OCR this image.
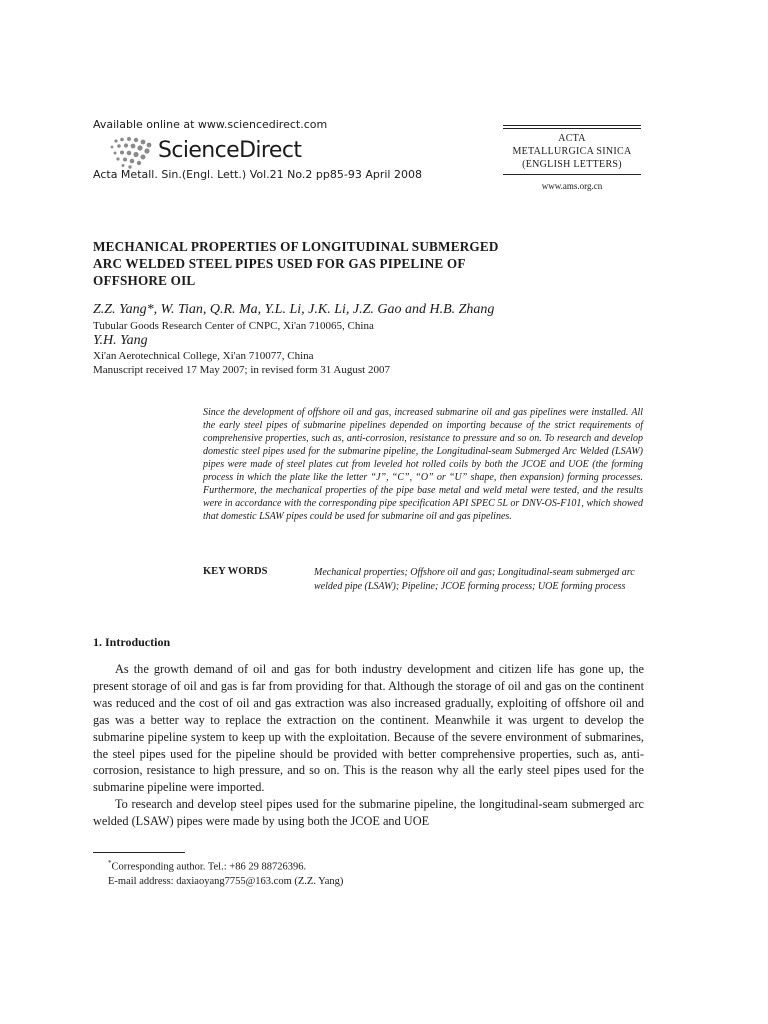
Available online at www.sciencedirect.com
ScienceDirect
Acta Metall. Sin.(Engl. Lett.) Vol.21 No.2 pp85-93 April 2008
ACTA
METALLURGICA SINICA
(ENGLISH LETTERS)
www.ams.org.cn
MECHANICAL PROPERTIES OF LONGITUDINAL SUBMERGED
ARC WELDED STEEL PIPES USED FOR GAS PIPELINE OF
OFFSHORE OIL
Z.Z. Yang*, W. Tian, Q.R. Ma, Y.L. Li, J.K. Li, J.Z. Gao and H.B. Zhang
Tubular Goods Research Center of CNPC, Xi'an 710065, China
Y.H. Yang
Xi'an Aerotechnical College, Xi'an 710077, China
Manuscript received 17 May 2007; in revised form 31 August 2007
Since the development of offshore oil and gas, increased submarine oil and gas pipelines were installed. All the early steel pipes of submarine pipelines depended on importing because of the strict requirements of comprehensive properties, such as, anti-corrosion, resistance to pressure and so on. To research and develop domestic steel pipes used for the submarine pipeline, the Longitudinal-seam Submerged Arc Welded (LSAW) pipes were made of steel plates cut from leveled hot rolled coils by both the JCOE and UOE (the forming process in which the plate like the letter “J”, “C”, “O” or “U” shape, then expansion) forming processes. Furthermore, the mechanical properties of the pipe base metal and weld metal were tested, and the results were in accordance with the corresponding pipe specification API SPEC 5L or DNV-OS-F101, which showed that domestic LSAW pipes could be used for submarine oil and gas pipelines.
KEY WORDS	Mechanical properties; Offshore oil and gas; Longitudinal-seam submerged arc welded pipe (LSAW); Pipeline; JCOE forming process; UOE forming process
1. Introduction

As the growth demand of oil and gas for both industry development and citizen life has gone up, the present storage of oil and gas is far from providing for that. Although the storage of oil and gas on the continent was reduced and the cost of oil and gas extraction was also increased gradually, exploiting of offshore oil and gas was a better way to replace the extraction on the continent. Meanwhile it was urgent to develop the submarine pipeline system to keep up with the exploitation. Because of the severe environment of submarines, the steel pipes used for the pipeline should be provided with better comprehensive properties, such as, anti-corrosion, resistance to high pressure, and so on. This is the reason why all the early steel pipes used for the submarine pipeline were imported.

To research and develop steel pipes used for the submarine pipeline, the longitudinal-seam submerged arc welded (LSAW) pipes were made by using both the JCOE and UOE

*Corresponding author. Tel.: +86 29 88726396.
E-mail address: daxiaoyang7755@163.com (Z.Z. Yang)
